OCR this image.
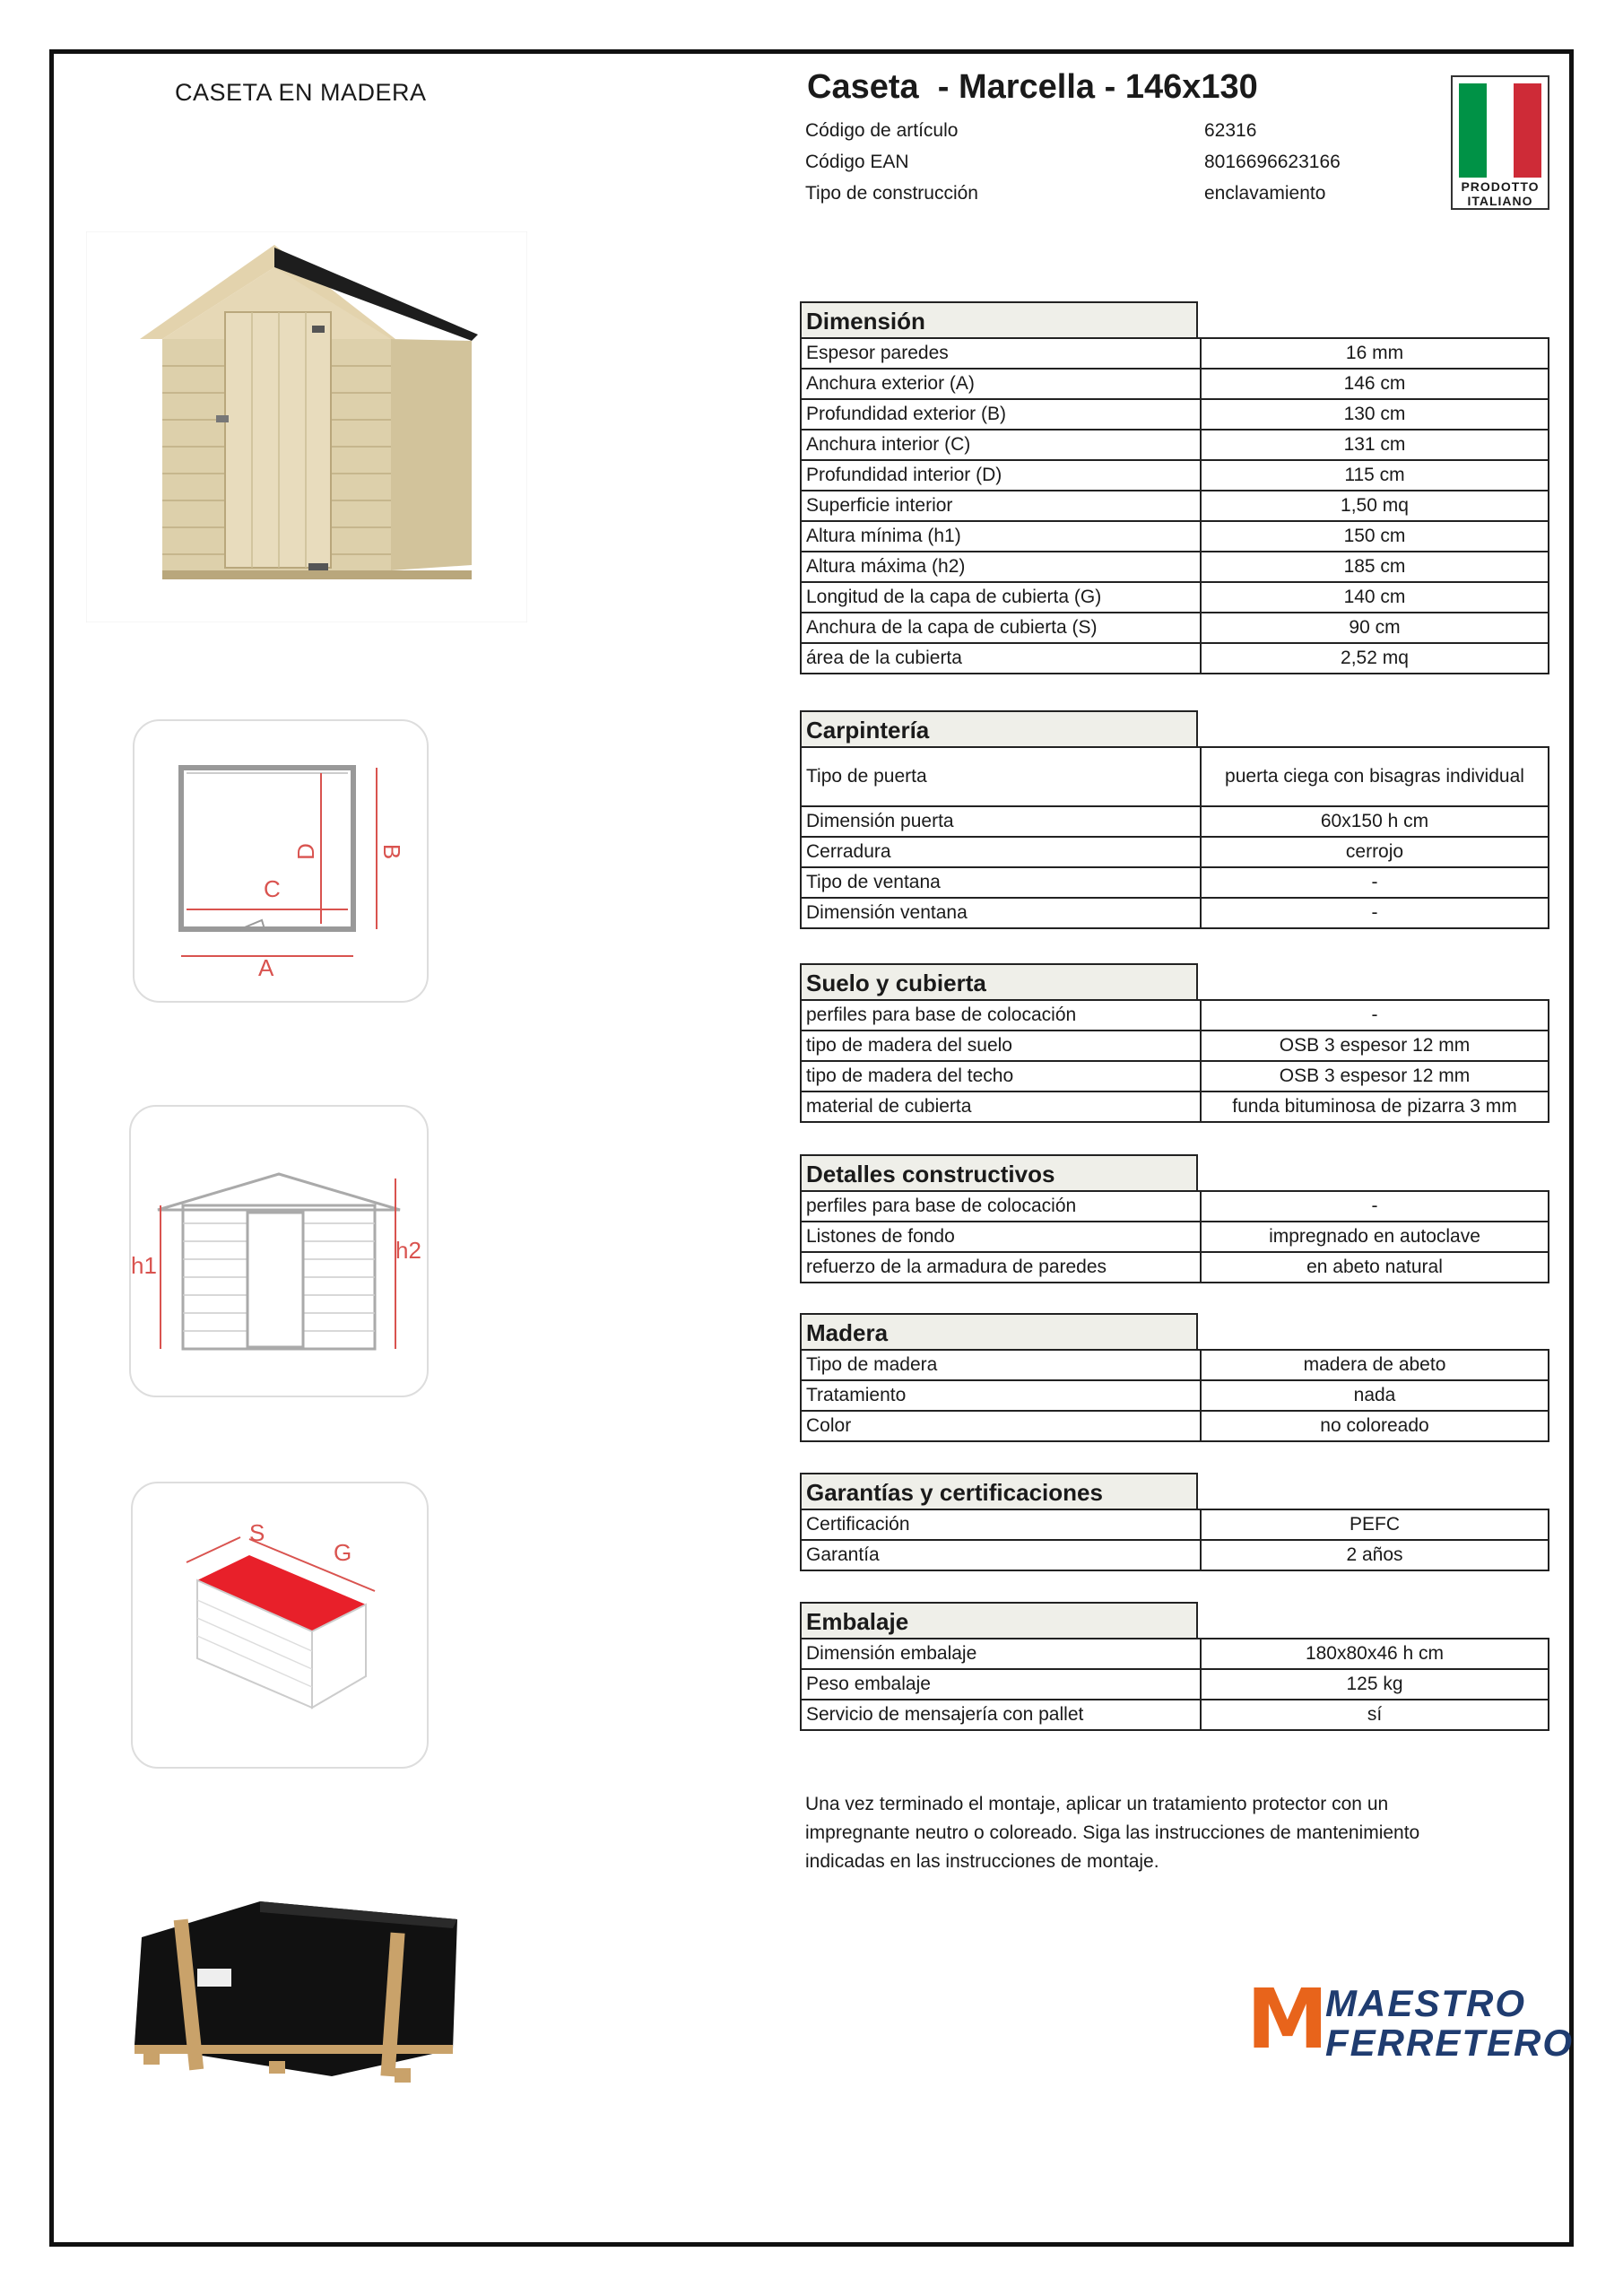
CASETA EN MADERA	Caseta  - Marcella - 146x130
Código de artículo	62316
Código EAN	8016696623166
Tipo de construcción	enclavamiento	PRODOTTO
ITALIANO
C
D	B
A
h1
h2
S
G
Dimensión
Espesor paredes	16 mm
Anchura exterior (A)	146 cm
Profundidad exterior (B)	130 cm
Anchura interior (C)	131 cm
Profundidad interior (D)	115 cm
Superficie interior	1,50 mq
Altura mínima (h1)	150 cm
Altura máxima (h2)	185 cm
Longitud de la capa de cubierta (G)	140 cm
Anchura de la capa de cubierta (S)	90 cm
área de la cubierta	2,52 mq
Carpintería
Tipo de puerta	puerta ciega con bisagras individual
Dimensión puerta	60x150 h cm
Cerradura	cerrojo
Tipo de ventana	-
Dimensión ventana	-
Suelo y cubierta
perfiles para base de colocación	-
tipo de madera del suelo	OSB 3 espesor 12 mm
tipo de madera del techo	OSB 3 espesor 12 mm
material de cubierta	funda bituminosa de pizarra 3 mm
Detalles constructivos
perfiles para base de colocación	-
Listones de fondo	impregnado en autoclave
refuerzo de la armadura de paredes	en abeto natural
Madera
Tipo de madera	madera de abeto
Tratamiento	nada
Color	no coloreado
Garantías y certificaciones
Certificación	PEFC
Garantía	2 años
Embalaje
Dimensión embalaje	180x80x46 h cm
Peso embalaje	125 kg
Servicio de mensajería con pallet	sí
Una vez terminado el montaje, aplicar un tratamiento protector con un impregnante neutro o coloreado. Siga las instrucciones de mantenimiento indicadas en las instrucciones de montaje.
M
MAESTRO
FERRETERO
